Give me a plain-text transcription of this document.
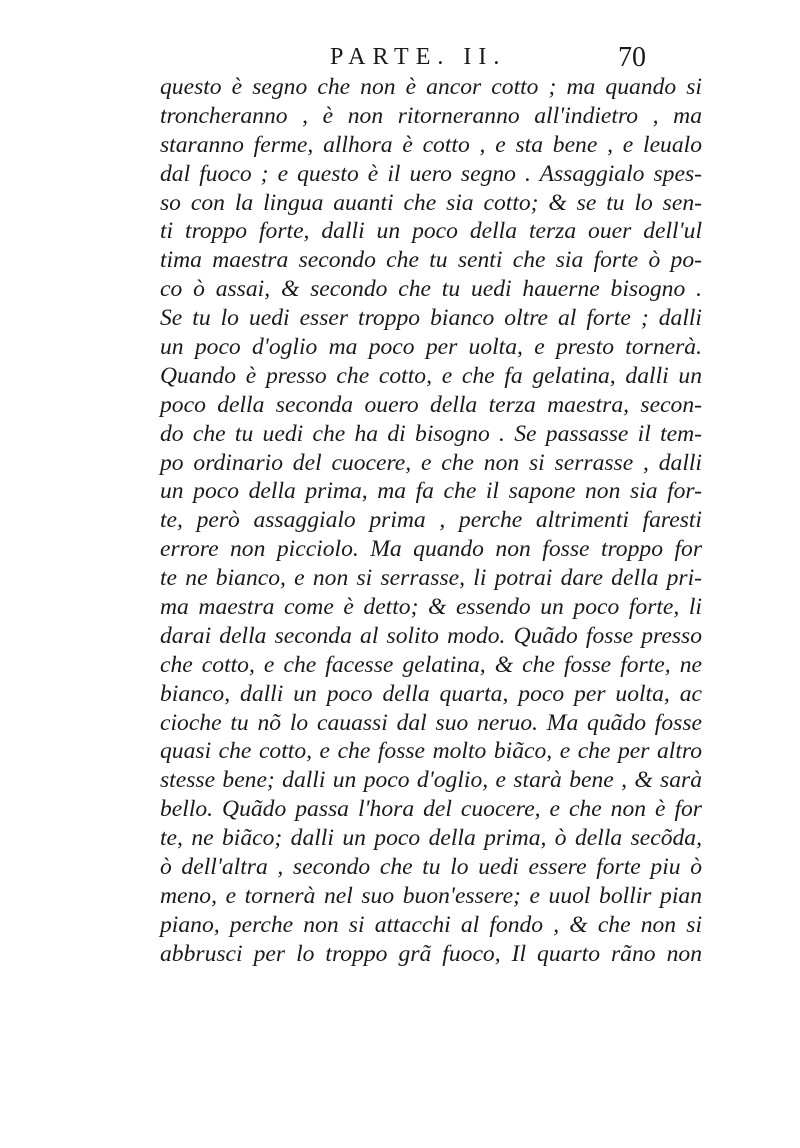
PARTE. II.	70
questo è segno che non è ancor cotto ; ma quando si
troncheranno , è non ritorneranno all'indietro , ma
staranno ferme, allhora è cotto , e sta bene , e leualo
dal fuoco ; e questo è il uero segno . Assaggialo spes-
so con la lingua auanti che sia cotto; & se tu lo sen-
ti troppo forte, dalli un poco della terza ouer dell'ul
tima maestra secondo che tu senti che sia forte ò po-
co ò assai, & secondo che tu uedi hauerne bisogno .
Se tu lo uedi esser troppo bianco oltre al forte ; dalli
un poco d'oglio ma poco per uolta, e presto tornerà.
Quando è presso che cotto, e che fa gelatina, dalli un
poco della seconda ouero della terza maestra, secon-
do che tu uedi che ha di bisogno . Se passasse il tem-
po ordinario del cuocere, e che non si serrasse , dalli
un poco della prima, ma fa che il sapone non sia for-
te, però assaggialo prima , perche altrimenti faresti
errore non picciolo. Ma quando non fosse troppo for
te ne bianco, e non si serrasse, li potrai dare della pri-
ma maestra come è detto; & essendo un poco forte, li
darai della seconda al solito modo. Quãdo fosse presso
che cotto, e che facesse gelatina, & che fosse forte, ne
bianco, dalli un poco della quarta, poco per uolta, ac
cioche tu nõ lo cauassi dal suo neruo. Ma quãdo fosse
quasi che cotto, e che fosse molto biãco, e che per altro
stesse bene; dalli un poco d'oglio, e starà bene , & sarà
bello. Quãdo passa l'hora del cuocere, e che non è for
te, ne biãco; dalli un poco della prima, ò della secõda,
ò dell'altra , secondo che tu lo uedi essere forte piu ò
meno, e tornerà nel suo buon'essere; e uuol bollir pian
piano, perche non si attacchi al fondo , & che non si
abbrusci per lo troppo grã fuoco, Il quarto rãno non
